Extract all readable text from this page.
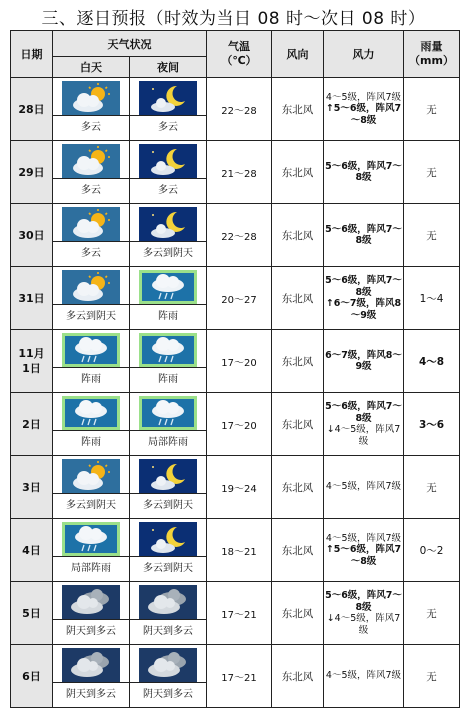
三、逐日预报（时效为当日 08 时～次日 08 时）
日期	天气状况		气温
（℃）	风向	风力	雨量
（mm）
	白天	夜间				
28日	多云	多云	22～28	东北风	4～5级，阵风7级
↑5～6级，阵风7～8级	无
29日	多云	多云	21～28	东北风	5～6级，阵风7～8级	无
30日	多云	多云到阴天	22～28	东北风	5～6级，阵风7～8级	无
31日	多云到阴天	阵雨	20～27	东北风	5～6级，阵风7～8级
↑6～7级，阵风8～9级	1～4
11月
1日	阵雨	阵雨	17～20	东北风	6～7级，阵风8～9级	4～8
2日	阵雨	局部阵雨	17～20	东北风	5～6级，阵风7～8级
↓4～5级，阵风7级	3～6
3日	多云到阴天	多云到阴天	19～24	东北风	4～5级，阵风7级	无
4日	局部阵雨	多云到阴天	18～21	东北风	4～5级，阵风7级
↑5～6级，阵风7～8级	0～2
5日	阴天到多云	阴天到多云	17～21	东北风	5～6级，阵风7～8级
↓4～5级，阵风7级	无
6日	阴天到多云	阴天到多云	17～21	东北风	4～5级，阵风7级	无
